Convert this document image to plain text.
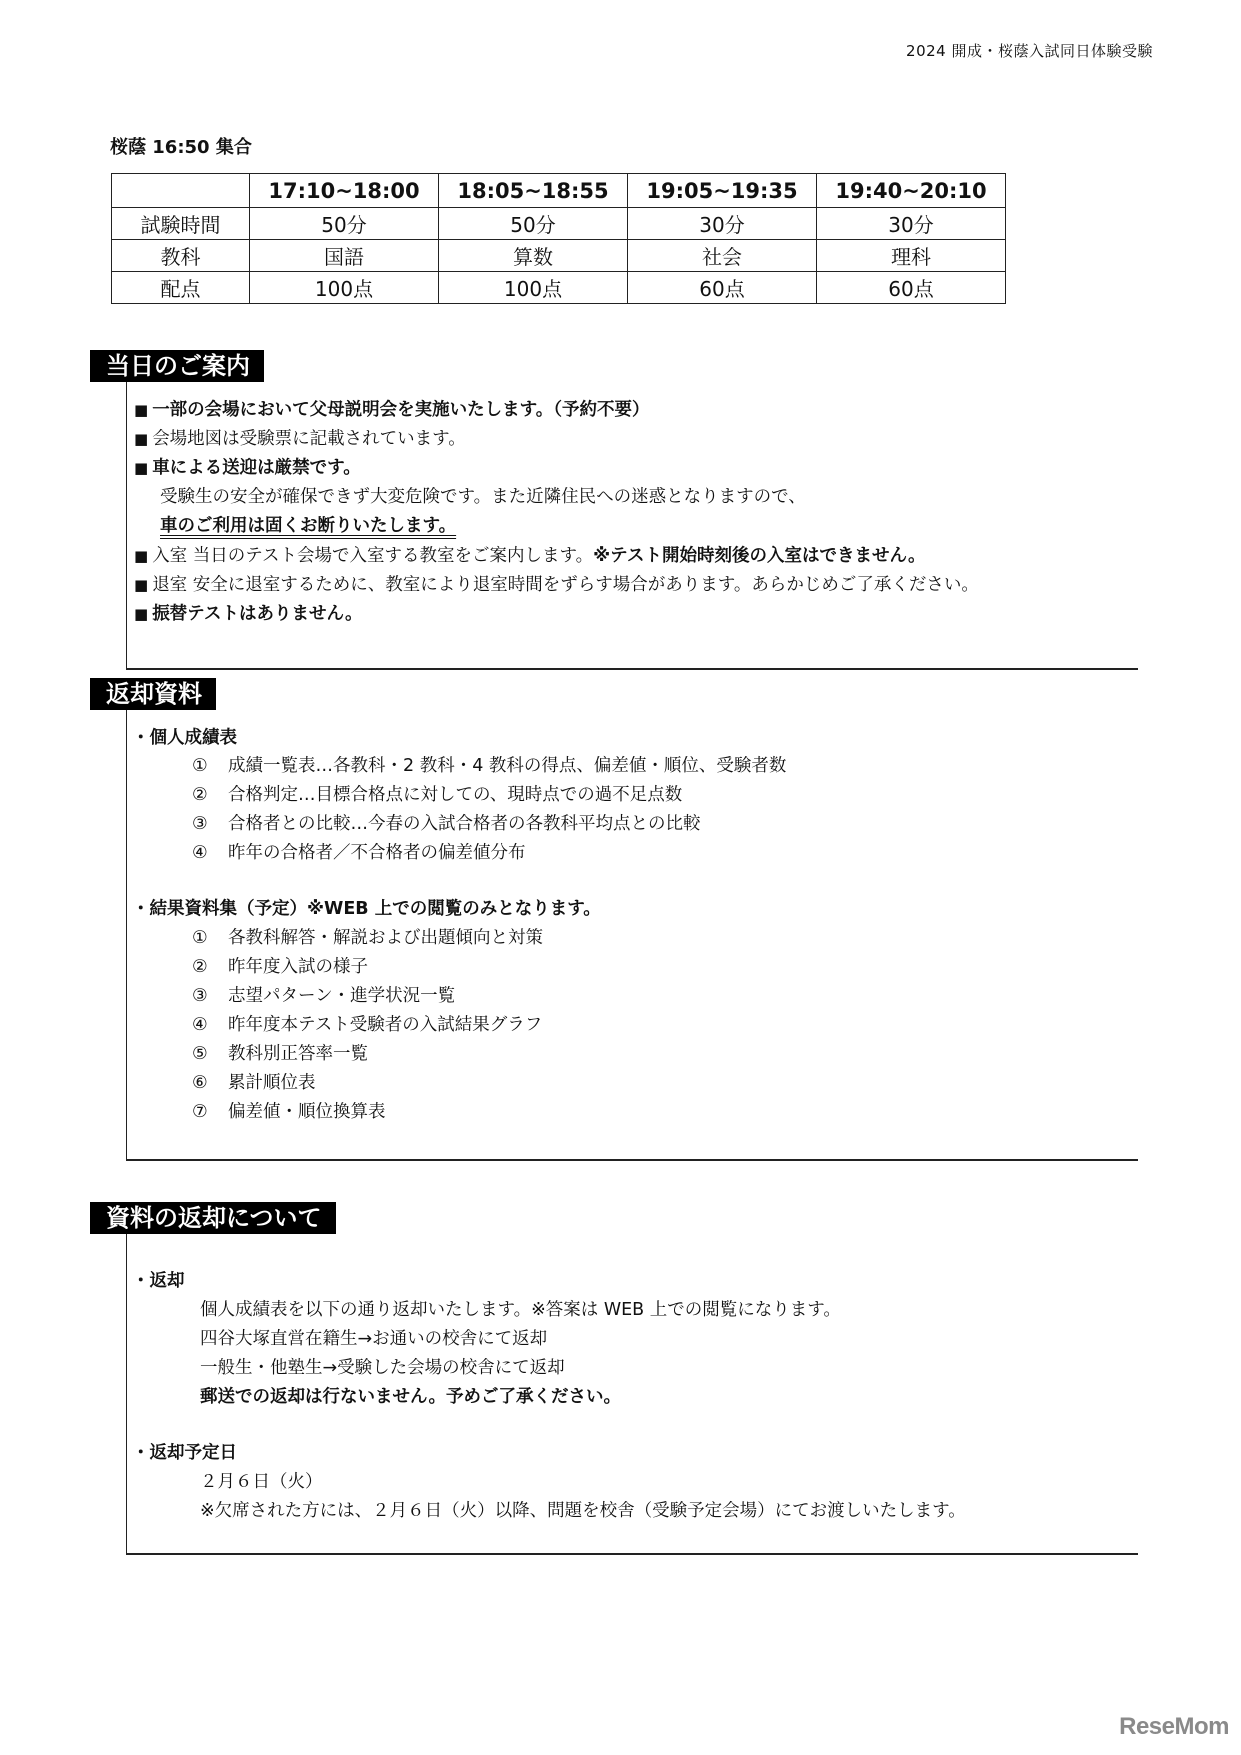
2024 開成・桜蔭入試同日体験受験
桜蔭 16:50 集合
	17:10~18:00	18:05~18:55	19:05~19:35	19:40~20:10
試験時間	50分	50分	30分	30分
教科	国語	算数	社会	理科
配点	100点	100点	60点	60点
当日のご案内
■ 一部の会場において父母説明会を実施いたします。（予約不要）
■ 会場地図は受験票に記載されています。
■ 車による送迎は厳禁です。
受験生の安全が確保できず大変危険です。また近隣住民への迷惑となりますので、
車のご利用は固くお断りいたします。
■ 入室 当日のテスト会場で入室する教室をご案内します。※テスト開始時刻後の入室はできません。
■ 退室 安全に退室するために、教室により退室時間をずらす場合があります。あらかじめご了承ください。
■ 振替テストはありません。
返却資料
・個人成績表
① 成績一覧表…各教科・2 教科・4 教科の得点、偏差値・順位、受験者数
② 合格判定…目標合格点に対しての、現時点での過不足点数
③ 合格者との比較…今春の入試合格者の各教科平均点との比較
④ 昨年の合格者／不合格者の偏差値分布
・結果資料集（予定）※WEB 上での閲覧のみとなります。
① 各教科解答・解説および出題傾向と対策
② 昨年度入試の様子
③ 志望パターン・進学状況一覧
④ 昨年度本テスト受験者の入試結果グラフ
⑤ 教科別正答率一覧
⑥ 累計順位表
⑦ 偏差値・順位換算表
資料の返却について
・返却
個人成績表を以下の通り返却いたします。※答案は WEB 上での閲覧になります。
四谷大塚直営在籍生→お通いの校舎にて返却
一般生・他塾生→受験した会場の校舎にて返却
郵送での返却は行ないません。予めご了承ください。
・返却予定日
２月６日（火）
※欠席された方には、２月６日（火）以降、問題を校舎（受験予定会場）にてお渡しいたします。
ReseMom
